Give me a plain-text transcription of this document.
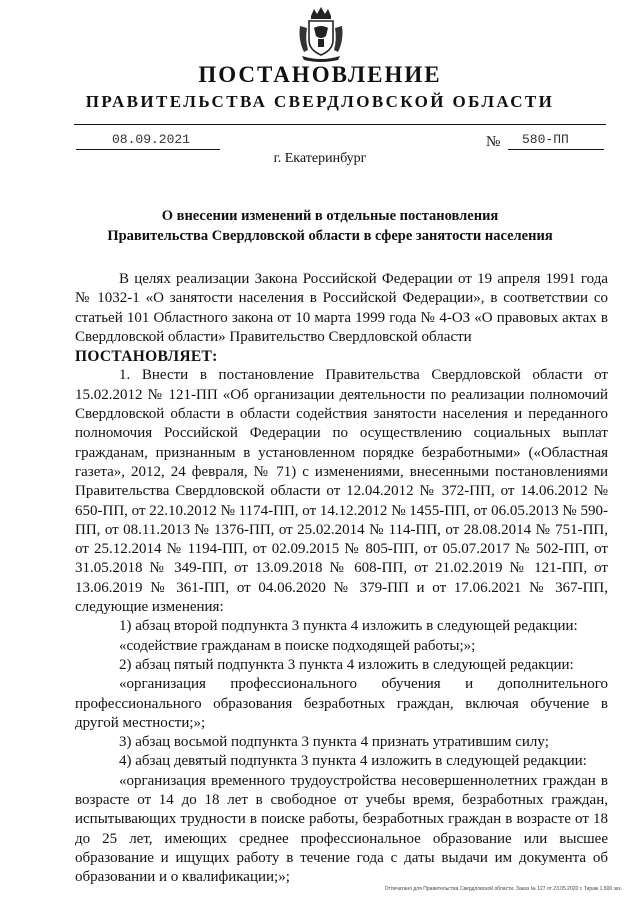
ПОСТАНОВЛЕНИЕ
ПРАВИТЕЛЬСТВА СВЕРДЛОВСКОЙ ОБЛАСТИ
08.09.2021	№	580-ПП
г. Екатеринбург
О внесении изменений в отдельные постановления
Правительства Свердловской области в сфере занятости населения

В целях реализации Закона Российской Федерации от 19 апреля 1991 года № 1032-1 «О занятости населения в Российской Федерации», в соответствии со статьей 101 Областного закона от 10 марта 1999 года № 4-ОЗ «О правовых актах в Свердловской области» Правительство Свердловской области

ПОСТАНОВЛЯЕТ:

1. Внести в постановление Правительства Свердловской области от 15.02.2012 № 121-ПП «Об организации деятельности по реализации полномочий Свердловской области в области содействия занятости населения и переданного полномочия Российской Федерации по осуществлению социальных выплат гражданам, признанным в установленном порядке безработными» («Областная газета», 2012, 24 февраля, № 71) с изменениями, внесенными постановлениями Правительства Свердловской области от 12.04.2012 № 372-ПП, от 14.06.2012 № 650-ПП, от 22.10.2012 № 1174-ПП, от 14.12.2012 № 1455-ПП, от 06.05.2013 № 590-ПП, от 08.11.2013 № 1376-ПП, от 25.02.2014 № 114-ПП, от 28.08.2014 № 751-ПП, от 25.12.2014 № 1194-ПП, от 02.09.2015 № 805-ПП, от 05.07.2017 № 502-ПП, от 31.05.2018 № 349-ПП, от 13.09.2018 № 608-ПП, от 21.02.2019 № 121-ПП, от 13.06.2019 № 361-ПП, от 04.06.2020 № 379-ПП и от 17.06.2021 № 367-ПП, следующие изменения:

1) абзац второй подпункта 3 пункта 4 изложить в следующей редакции:

«содействие гражданам в поиске подходящей работы;»;

2) абзац пятый подпункта 3 пункта 4 изложить в следующей редакции:

«организация профессионального обучения и дополнительного профессионального образования безработных граждан, включая обучение в другой местности;»;

3) абзац восьмой подпункта 3 пункта 4 признать утратившим силу;

4) абзац девятый подпункта 3 пункта 4 изложить в следующей редакции:

«организация временного трудоустройства несовершеннолетних граждан в возрасте от 14 до 18 лет в свободное от учебы время, безработных граждан, испытывающих трудности в поиске работы, безработных граждан в возрасте от 18 до 25 лет, имеющих среднее профессиональное образование или высшее образование и ищущих работу в течение года с даты выдачи им документа об образовании и о квалификации;»;

Отпечатано для Правительства Свердловской области. Заказ № 127 от 23.05.2020 г. Тираж 1 500 экз.
